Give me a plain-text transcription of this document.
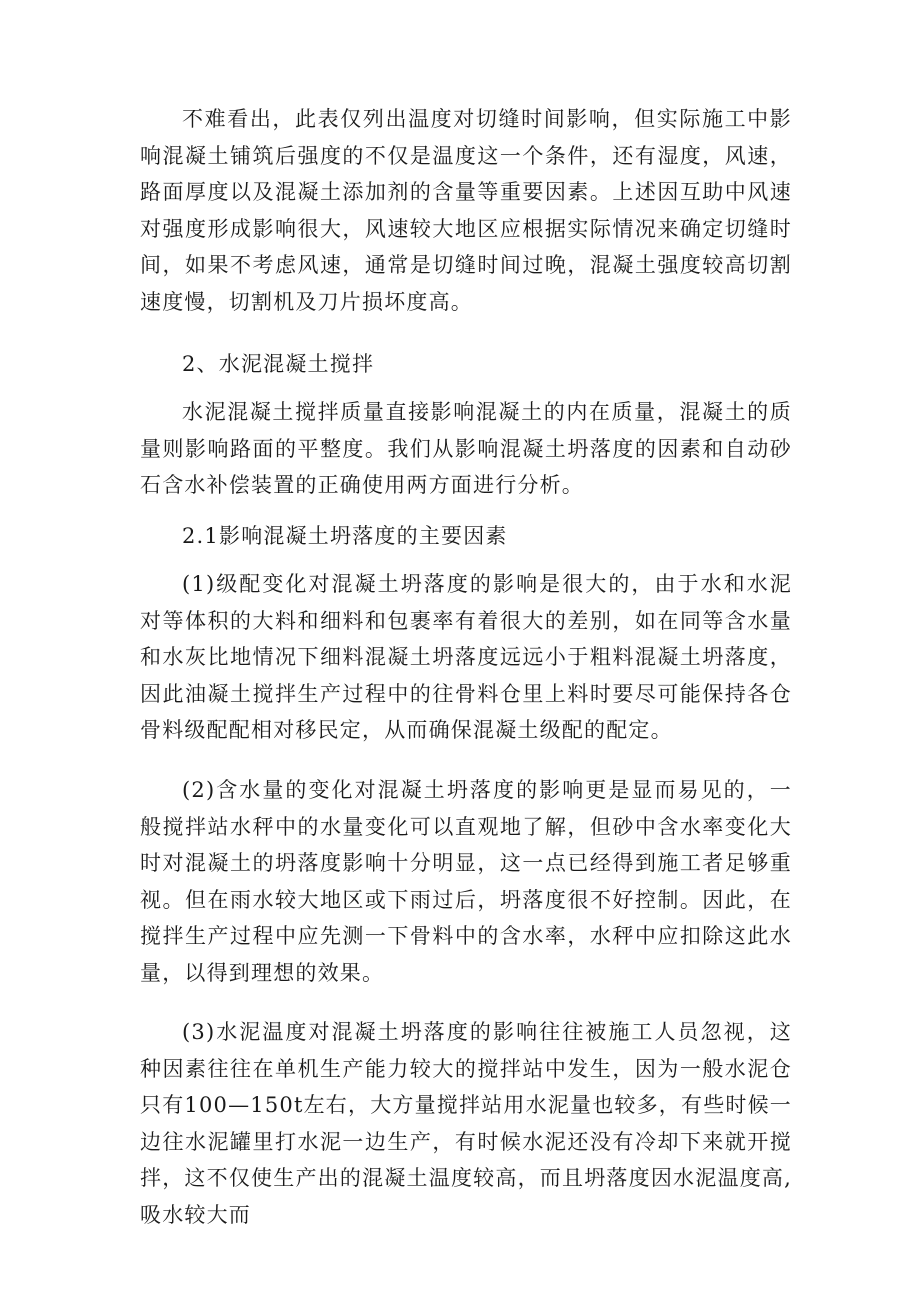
不难看出，此表仅列出温度对切缝时间影响，但实际施工中影响混凝土铺筑后强度的不仅是温度这一个条件，还有湿度，风速，路面厚度以及混凝土添加剂的含量等重要因素。上述因互助中风速对强度形成影响很大，风速较大地区应根据实际情况来确定切缝时间，如果不考虑风速，通常是切缝时间过晚，混凝土强度较高切割速度慢，切割机及刀片损坏度高。

2、水泥混凝土搅拌

水泥混凝土搅拌质量直接影响混凝土的内在质量，混凝土的质量则影响路面的平整度。我们从影响混凝土坍落度的因素和自动砂石含水补偿装置的正确使用两方面进行分析。

2.1影响混凝土坍落度的主要因素

(1)级配变化对混凝土坍落度的影响是很大的，由于水和水泥对等体积的大料和细料和包裹率有着很大的差别，如在同等含水量和水灰比地情况下细料混凝土坍落度远远小于粗料混凝土坍落度，因此油凝土搅拌生产过程中的往骨料仓里上料时要尽可能保持各仓骨料级配配相对移民定，从而确保混凝土级配的配定。

(2)含水量的变化对混凝土坍落度的影响更是显而易见的，一般搅拌站水秤中的水量变化可以直观地了解，但砂中含水率变化大时对混凝土的坍落度影响十分明显，这一点已经得到施工者足够重视。但在雨水较大地区或下雨过后，坍落度很不好控制。因此，在搅拌生产过程中应先测一下骨料中的含水率，水秤中应扣除这此水量，以得到理想的效果。

(3)水泥温度对混凝土坍落度的影响往往被施工人员忽视，这种因素往往在单机生产能力较大的搅拌站中发生，因为一般水泥仓只有100—150t左右，大方量搅拌站用水泥量也较多，有些时候一边往水泥罐里打水泥一边生产，有时候水泥还没有冷却下来就开搅拌，这不仅使生产出的混凝土温度较高，而且坍落度因水泥温度高,吸水较大而
